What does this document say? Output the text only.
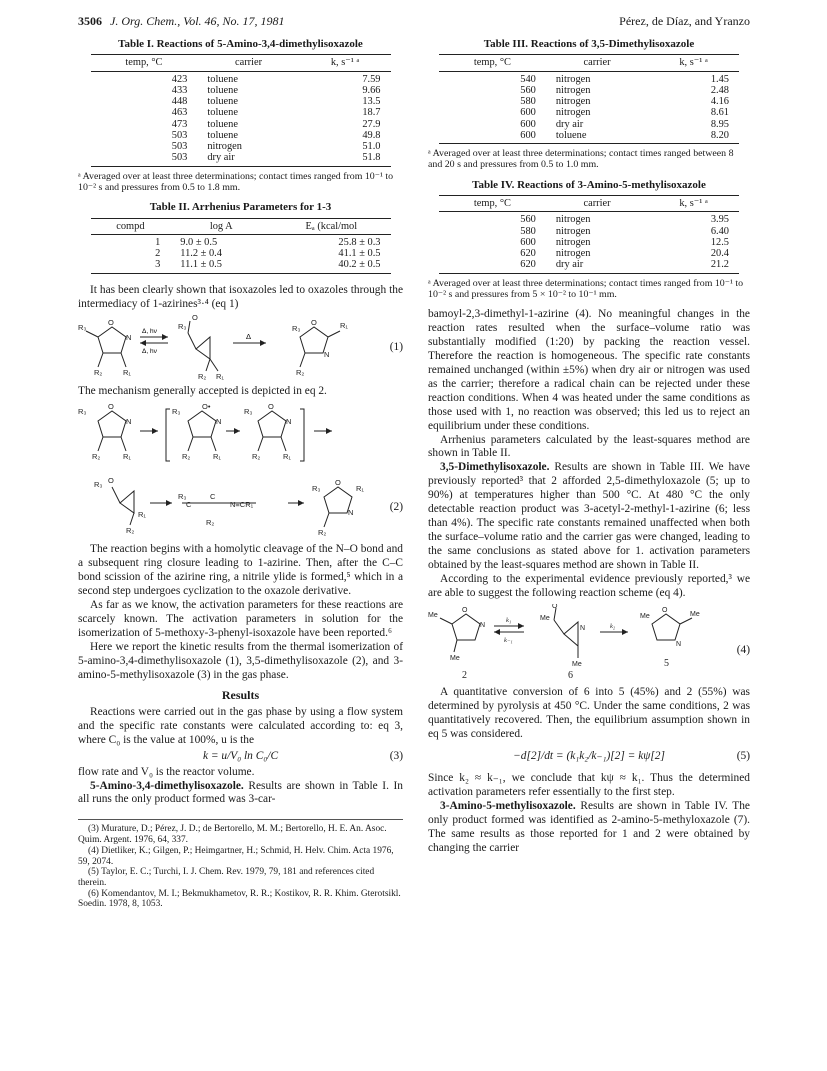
3506 J. Org. Chem., Vol. 46, No. 17, 1981	Pérez, de Díaz, and Yranzo
Table I. Reactions of 5-Amino-3,4-dimethylisoxazole
temp, °C	carrier	k, s⁻¹ ᵃ
423	toluene	7.59
433	toluene	9.66
448	toluene	13.5
463	toluene	18.7
473	toluene	27.9
503	toluene	49.8
503	nitrogen	51.0
503	dry air	51.8
ᵃ Averaged over at least three determinations; contact times ranged from 10⁻¹ to 10⁻² s and pressures from 0.5 to 1.8 mm.
Table II. Arrhenius Parameters for 1-3
compd	log A	Eₐ (kcal/mol
1	9.0 ± 0.5	25.8 ± 0.3
2	11.2 ± 0.4	41.1 ± 0.5
3	11.1 ± 0.5	40.2 ± 0.5

It has been clearly shown that isoxazoles led to oxazoles through the intermediacy of 1-azirines³·⁴ (eq 1)

R₃
O
N
R₂	R₁
R₃
O
R₂ R₁
R₃
O
N
R₁
R₂
Δ, hν
Δ, hν
Δ
(1)

The mechanism generally accepted is depicted in eq 2.

R₃
O
N
R₂	R₁
R₃
O•
N
R₂	R₁
R₃
O
N
R₂	R₁
R₃ O
R₂
R₁
R₃
C
C
N≡CR₁
R₂
R₃
O
N
R₁
R₂
(2)

The reaction begins with a homolytic cleavage of the N–O bond and a subsequent ring closure leading to 1-azirine. Then, after the C–C bond scission of the azirine ring, a nitrile ylide is formed,⁵ which in a second step undergoes cyclization to the oxazole derivative.

As far as we know, the activation parameters for these reactions are scarcely known. The activation parameters in solution for the isomerization of 5-methoxy-3-phenyl-isoxazole have been reported.⁶

Here we report the kinetic results from the thermal isomerization of 5-amino-3,4-dimethylisoxazole (1), 3,5-dimethylisoxazole (2), and 3-amino-5-methylisoxazole (3) in the gas phase.

Results

Reactions were carried out in the gas phase by using a flow system and the specific rate constants were calculated according to: eq 3, where C₀ is the value at 100%, u is the

k = u/V₀ ln C₀/C	(3)

flow rate and V₀ is the reactor volume.

5-Amino-3,4-dimethylisoxazole. Results are shown in Table I. In all runs the only product formed was 3-car-

(3) Murature, D.; Pérez, J. D.; de Bertorello, M. M.; Bertorello, H. E. An. Asoc. Quim. Argent. 1976, 64, 337.
(4) Dietliker, K.; Gilgen, P.; Heimgartner, H.; Schmid, H. Helv. Chim. Acta 1976, 59, 2074.
(5) Taylor, E. C.; Turchi, I. J. Chem. Rev. 1979, 79, 181 and references cited therein.
(6) Komendantov, M. I.; Bekmukhametov, R. R.; Kostikov, R. R. Khim. Gterotsikl. Soedin. 1978, 8, 1053.
Table III. Reactions of 3,5-Dimethylisoxazole
temp, °C	carrier	k, s⁻¹ ᵃ
540	nitrogen	1.45
560	nitrogen	2.48
580	nitrogen	4.16
600	nitrogen	8.61
600	dry air	8.95
600	toluene	8.20
ᵃ Averaged over at least three determinations; contact times ranged between 8 and 20 s and pressures from 0.5 to 1.0 mm.
Table IV. Reactions of 3-Amino-5-methylisoxazole
temp, °C	carrier	k, s⁻¹ ᵃ
560	nitrogen	3.95
580	nitrogen	6.40
600	nitrogen	12.5
620	nitrogen	20.4
620	dry air	21.2
ᵃ Averaged over at least three determinations; contact times ranged from 10⁻¹ to 10⁻² s and pressures from 5 × 10⁻² to 10⁻¹ mm.

bamoyl-2,3-dimethyl-1-azirine (4). No meaningful changes in the reaction rates resulted when the surface–volume ratio was substantially modified (1:20) by packing the reaction vessel. Therefore the reaction is homogeneous. The specific rate constants remained unchanged (within ±5%) when dry air or nitrogen was used as the carrier; therefore a radical chain can be rejected under these reaction conditions. When 4 was heated under the same conditions as those used with 1, no reaction was observed; this led us to reject an equilibrium under these conditions.

Arrhenius parameters calculated by the least-squares method are shown in Table II.

3,5-Dimethylisoxazole. Results are shown in Table III. We have previously reported³ that 2 afforded 2,5-dimethyloxazole (5; up to 90%) at temperatures higher than 500 °C. At 480 °C the only detectable reaction product was 3-acetyl-2-methyl-1-azirine (6; less than 4%). The specific rate constants remained unaffected when both the surface–volume ratio and the carrier gas were changed, leading to the same conclusions as stated above for 1. activation parameters obtained by the least-squares method are shown in Table II.

According to the experimental evidence previously reported,³ we are able to suggest the following reaction scheme (eq 4).

Me
O
N
Me
Me
O
N
Me
Me
O
N
Me
k₁
k₋₁
k₂
2	6
5
(4)

A quantitative conversion of 6 into 5 (45%) and 2 (55%) was determined by pyrolysis at 450 °C. Under the same conditions, 2 was quantitatively recovered. Then, the equilibrium assumption shown in eq 5 was considered.

−d[2]/dt = (k₁k₂/k₋₁)[2] = kψ[2]	(5)

Since k₂ ≈ k₋₁, we conclude that kψ ≈ k₁. Thus the determined activation parameters refer essentially to the first step.

3-Amino-5-methylisoxazole. Results are shown in Table IV. The only product formed was identified as 2-amino-5-methyloxazole (7). The same results as those reported for 1 and 2 were obtained by changing the carrier
